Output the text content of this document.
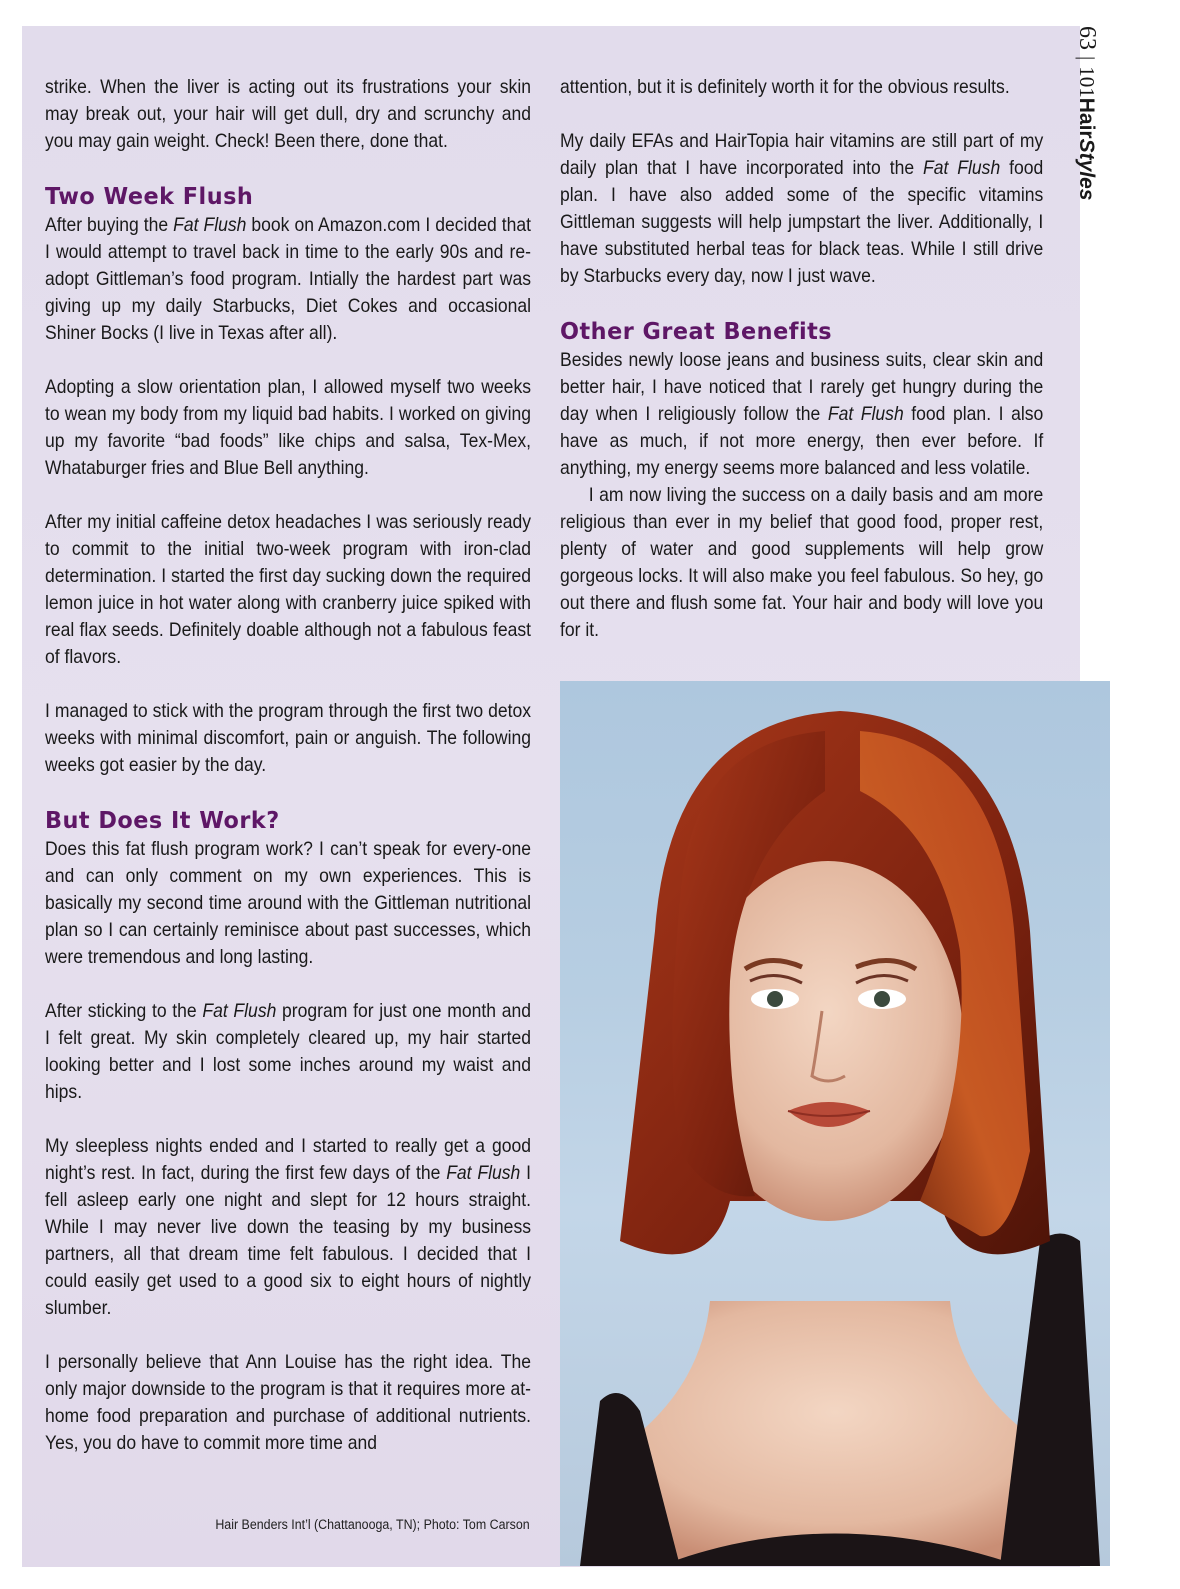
strike. When the liver is acting out its frustrations your skin may break out, your hair will get dull, dry and scrunchy and you may gain weight. Check! Been there, done that.

Two Week Flush

After buying the Fat Flush book on Amazon.com I decided that I would attempt to travel back in time to the early 90s and re-adopt Gittleman’s food program. Intially the hardest part was giving up my daily Starbucks, Diet Cokes and occasional Shiner Bocks (I live in Texas after all).

Adopting a slow orientation plan, I allowed myself two weeks to wean my body from my liquid bad habits. I worked on giving up my favorite “bad foods” like chips and salsa, Tex-Mex, Whataburger fries and Blue Bell anything.

After my initial caffeine detox headaches I was seriously ready to commit to the initial two-week program with iron-clad determination. I started the first day sucking down the required lemon juice in hot water along with cranberry juice spiked with real flax seeds. Definitely doable although not a fabulous feast of flavors.

I managed to stick with the program through the first two detox weeks with minimal discomfort, pain or anguish. The following weeks got easier by the day.

But Does It Work?

Does this fat flush program work? I can’t speak for every-one and can only comment on my own experiences. This is basically my second time around with the Gittleman nutritional plan so I can certainly reminisce about past successes, which were tremendous and long lasting.

After sticking to the Fat Flush program for just one month and I felt great. My skin completely cleared up, my hair started looking better and I lost some inches around my waist and hips.

My sleepless nights ended and I started to really get a good night’s rest. In fact, during the first few days of the Fat Flush I fell asleep early one night and slept for 12 hours straight. While I may never live down the teasing by my business partners, all that dream time felt fabulous. I decided that I could easily get used to a good six to eight hours of nightly slumber.

I personally believe that Ann Louise has the right idea. The only major downside to the program is that it requires more at-home food preparation and purchase of additional nutrients. Yes, you do have to commit more time and

attention, but it is definitely worth it for the obvious results.

My daily EFAs and HairTopia hair vitamins are still part of my daily plan that I have incorporated into the Fat Flush food plan. I have also added some of the specific vitamins Gittleman suggests will help jumpstart the liver. Additionally, I have substituted herbal teas for black teas. While I still drive by Starbucks every day, now I just wave.

Other Great Benefits

Besides newly loose jeans and business suits, clear skin and better hair, I have noticed that I rarely get hungry during the day when I religiously follow the Fat Flush food plan. I also have as much, if not more energy, then ever before. If anything, my energy seems more balanced and less volatile.

I am now living the success on a daily basis and am more religious than ever in my belief that good food, proper rest, plenty of water and good supplements will help grow gorgeous locks. It will also make you feel fabulous. So hey, go out there and flush some fat. Your hair and body will love you for it.

Hair Benders Int’l (Chattanooga, TN); Photo: Tom Carson
63|101HairStyles
